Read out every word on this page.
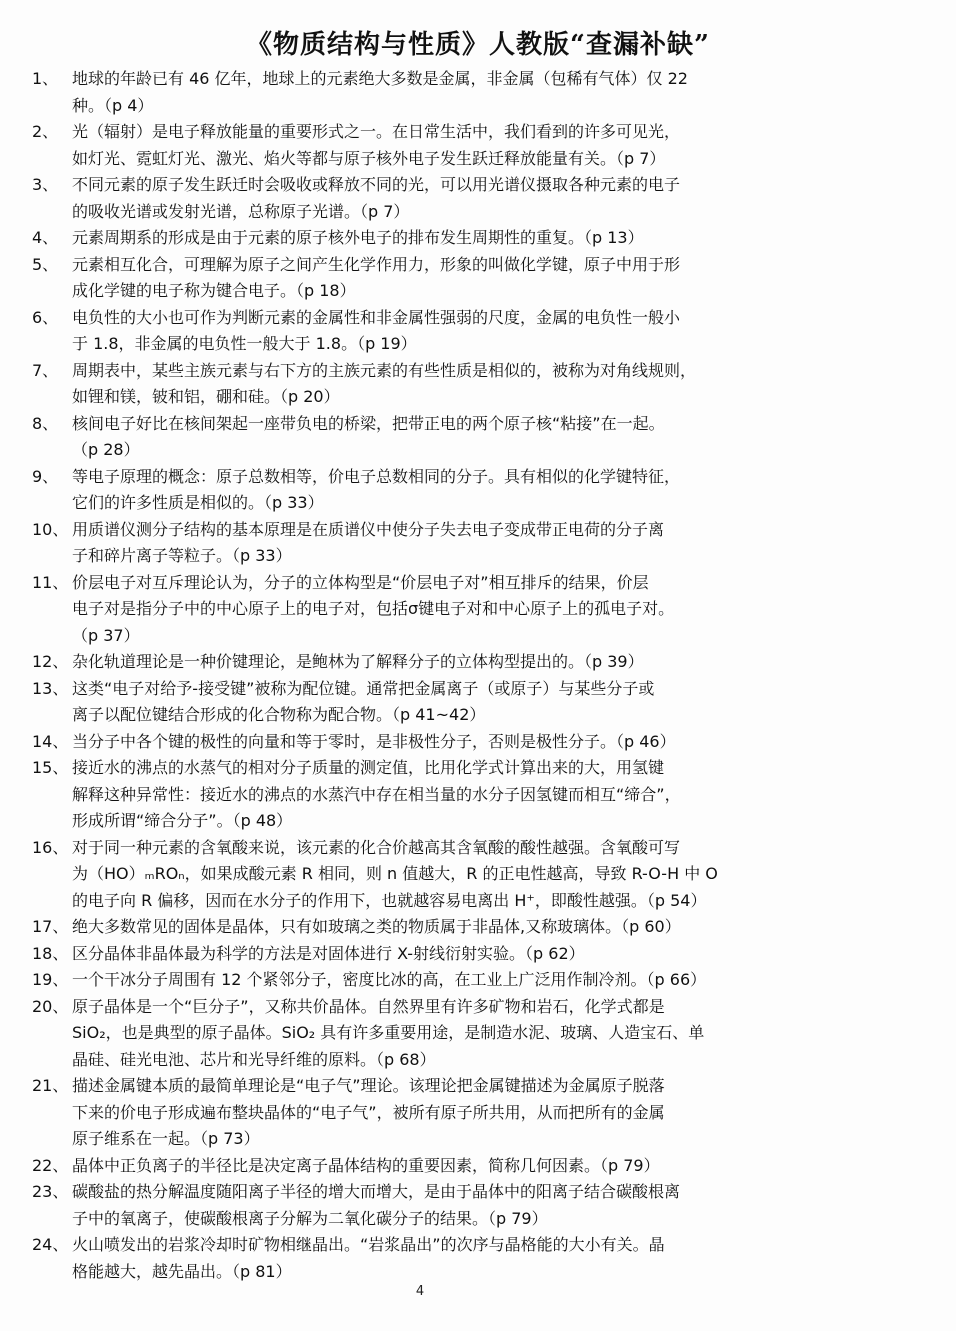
《物质结构与性质》人教版“查漏补缺”
1、 地球的年龄已有 46 亿年，地球上的元素绝大多数是金属，非金属（包稀有气体）仅 22
种。（p 4）
2、 光（辐射）是电子释放能量的重要形式之一。在日常生活中，我们看到的许多可见光，
如灯光、霓虹灯光、激光、焰火等都与原子核外电子发生跃迁释放能量有关。（p 7）
3、 不同元素的原子发生跃迁时会吸收或释放不同的光，可以用光谱仪摄取各种元素的电子
的吸收光谱或发射光谱，总称原子光谱。（p 7）
4、 元素周期系的形成是由于元素的原子核外电子的排布发生周期性的重复。（p 13）
5、 元素相互化合，可理解为原子之间产生化学作用力，形象的叫做化学键，原子中用于形
成化学键的电子称为键合电子。（p 18）
6、 电负性的大小也可作为判断元素的金属性和非金属性强弱的尺度，金属的电负性一般小
于 1.8，非金属的电负性一般大于 1.8。（p 19）
7、 周期表中，某些主族元素与右下方的主族元素的有些性质是相似的，被称为对角线规则，
如锂和镁，铍和铝，硼和硅。（p 20）
8、 核间电子好比在核间架起一座带负电的桥梁，把带正电的两个原子核“粘接”在一起。
（p 28）
9、 等电子原理的概念：原子总数相等，价电子总数相同的分子。具有相似的化学键特征，
它们的许多性质是相似的。（p 33）
10、 用质谱仪测分子结构的基本原理是在质谱仪中使分子失去电子变成带正电荷的分子离
子和碎片离子等粒子。（p 33）
11、 价层电子对互斥理论认为，分子的立体构型是“价层电子对”相互排斥的结果，价层
电子对是指分子中的中心原子上的电子对，包括σ键电子对和中心原子上的孤电子对。
（p 37）
12、 杂化轨道理论是一种价键理论，是鲍林为了解释分子的立体构型提出的。（p 39）
13、 这类“电子对给予-接受键”被称为配位键。通常把金属离子（或原子）与某些分子或
离子以配位键结合形成的化合物称为配合物。（p 41~42）
14、 当分子中各个键的极性的向量和等于零时，是非极性分子，否则是极性分子。（p 46）
15、 接近水的沸点的水蒸气的相对分子质量的测定值，比用化学式计算出来的大，用氢键
解释这种异常性：接近水的沸点的水蒸汽中存在相当量的水分子因氢键而相互“缔合”，
形成所谓“缔合分子”。（p 48）
16、 对于同一种元素的含氧酸来说，该元素的化合价越高其含氧酸的酸性越强。含氧酸可写
为（HO）ₘROₙ，如果成酸元素 R 相同，则 n 值越大，R 的正电性越高，导致 R-O-H 中 O
的电子向 R 偏移，因而在水分子的作用下，也就越容易电离出 H⁺，即酸性越强。（p 54）
17、 绝大多数常见的固体是晶体，只有如玻璃之类的物质属于非晶体,又称玻璃体。（p 60）
18、 区分晶体非晶体最为科学的方法是对固体进行 X-射线衍射实验。（p 62）
19、 一个干冰分子周围有 12 个紧邻分子，密度比冰的高，在工业上广泛用作制冷剂。（p 66）
20、 原子晶体是一个“巨分子”，又称共价晶体。自然界里有许多矿物和岩石，化学式都是
SiO₂，也是典型的原子晶体。SiO₂ 具有许多重要用途，是制造水泥、玻璃、人造宝石、单
晶硅、硅光电池、芯片和光导纤维的原料。（p 68）
21、 描述金属键本质的最简单理论是“电子气”理论。该理论把金属键描述为金属原子脱落
下来的价电子形成遍布整块晶体的“电子气”，被所有原子所共用，从而把所有的金属
原子维系在一起。（p 73）
22、 晶体中正负离子的半径比是决定离子晶体结构的重要因素，简称几何因素。（p 79）
23、 碳酸盐的热分解温度随阳离子半径的增大而增大，是由于晶体中的阳离子结合碳酸根离
子中的氧离子，使碳酸根离子分解为二氧化碳分子的结果。（p 79）
24、 火山喷发出的岩浆冷却时矿物相继晶出。“岩浆晶出”的次序与晶格能的大小有关。晶
格能越大，越先晶出。（p 81）
4
